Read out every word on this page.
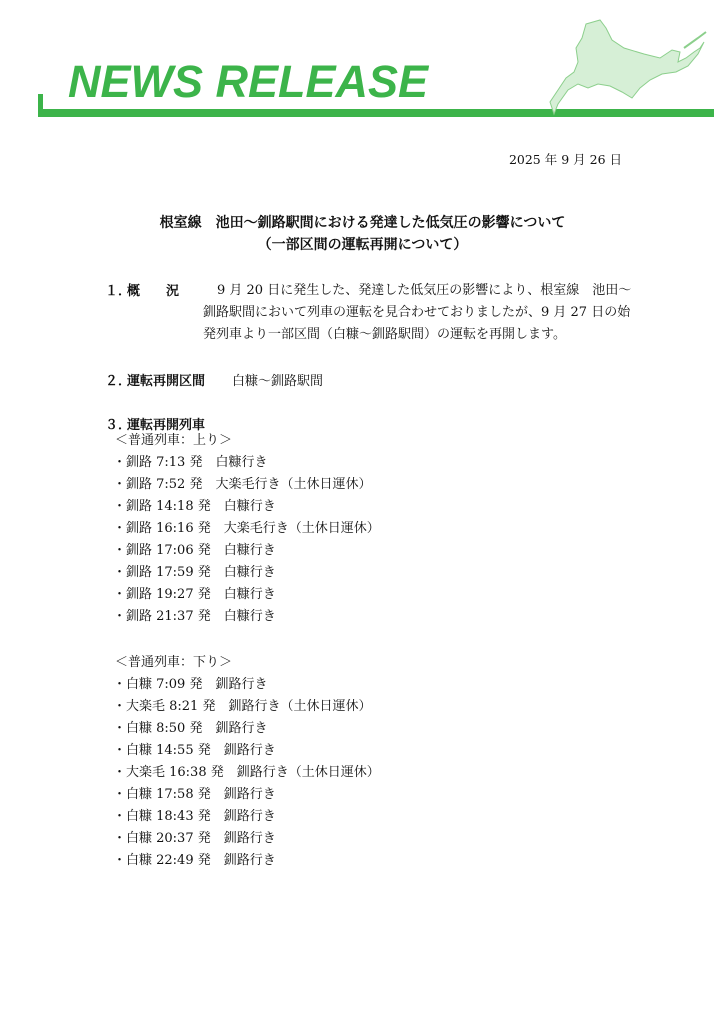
NEWS RELEASE
2025 年 9 月 26 日
根室線　池田～釧路駅間における発達した低気圧の影響について
（一部区間の運転再開について）
１．概　　況	9 月 20 日に発生した、発達した低気圧の影響により、根室線　池田～
釧路駅間において列車の運転を見合わせておりましたが、9 月 27 日の始
発列車より一部区間（白糠～釧路駅間）の運転を再開します。
２．運転再開区間 白糠～釧路駅間
３．運転再開列車
＜普通列車：上り＞
・釧路 7:13 発　白糠行き
・釧路 7:52 発　大楽毛行き（土休日運休）
・釧路 14:18 発　白糠行き
・釧路 16:16 発　大楽毛行き（土休日運休）
・釧路 17:06 発　白糠行き
・釧路 17:59 発　白糠行き
・釧路 19:27 発　白糠行き
・釧路 21:37 発　白糠行き
＜普通列車：下り＞
・白糠 7:09 発　釧路行き
・大楽毛 8:21 発　釧路行き（土休日運休）
・白糠 8:50 発　釧路行き
・白糠 14:55 発　釧路行き
・大楽毛 16:38 発　釧路行き（土休日運休）
・白糠 17:58 発　釧路行き
・白糠 18:43 発　釧路行き
・白糠 20:37 発　釧路行き
・白糠 22:49 発　釧路行き
